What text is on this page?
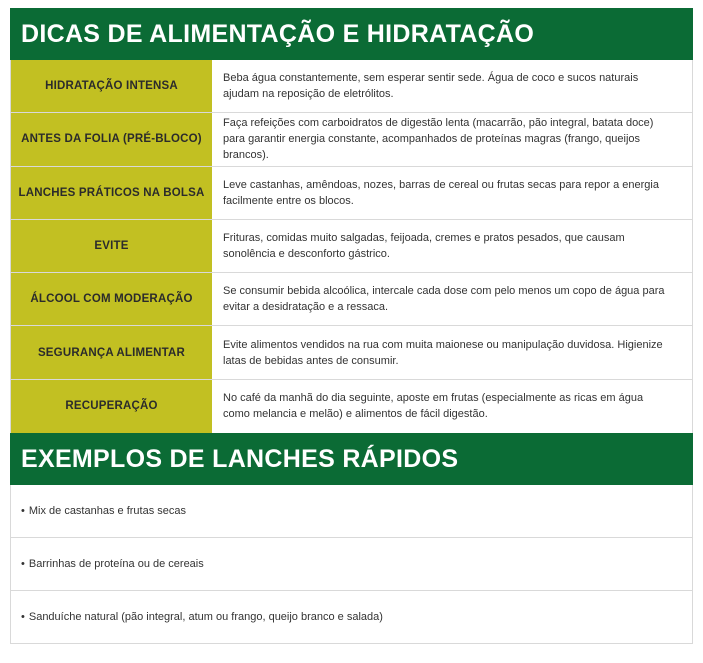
DICAS DE ALIMENTAÇÃO E HIDRATAÇÃO
HIDRATAÇÃO INTENSA
Beba água constantemente, sem esperar sentir sede. Água de coco e sucos naturais ajudam na reposição de eletrólitos.
ANTES DA FOLIA (PRÉ-BLOCO)
Faça refeições com carboidratos de digestão lenta (macarrão, pão integral, batata doce) para garantir energia constante, acompanhados de proteínas magras (frango, queijos brancos).
LANCHES PRÁTICOS NA BOLSA
Leve castanhas, amêndoas, nozes, barras de cereal ou frutas secas para repor a energia facilmente entre os blocos.
EVITE
Frituras, comidas muito salgadas, feijoada, cremes e pratos pesados, que causam sonolência e desconforto gástrico.
ÁLCOOL COM MODERAÇÃO
Se consumir bebida alcoólica, intercale cada dose com pelo menos um copo de água para evitar a desidratação e a ressaca.
SEGURANÇA ALIMENTAR
Evite alimentos vendidos na rua com muita maionese ou manipulação duvidosa. Higienize latas de bebidas antes de consumir.
RECUPERAÇÃO
No café da manhã do dia seguinte, aposte em frutas (especialmente as ricas em água como melancia e melão) e alimentos de fácil digestão.
EXEMPLOS DE LANCHES RÁPIDOS
• Mix de castanhas e frutas secas
• Barrinhas de proteína ou de cereais
• Sanduíche natural (pão integral, atum ou frango, queijo branco e salada)
